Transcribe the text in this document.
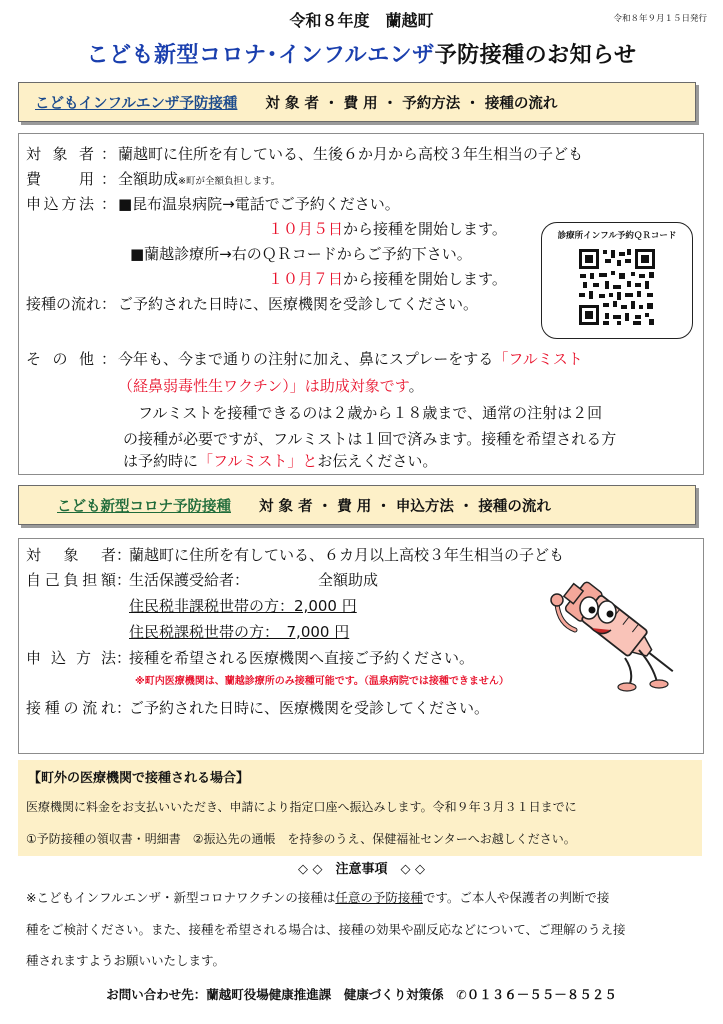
令和８年９月１５日発行
令和８年度　蘭越町
こども新型コロナ･インフルエンザ予防接種のお知らせ
こどもインフルエンザ予防接種 対 象 者 ・ 費 用 ・ 予約方法 ・ 接種の流れ
対 象 者 ： 蘭越町に住所を有している、生後６か月から高校３年生相当の子ども
費 用 ： 全額助成※町が全額負担します。
申込方法 ： ■昆布温泉病院→電話でご予約ください。
１０月５日から接種を開始します。
■蘭越診療所→右のＱＲコードからご予約下さい。
１０月７日から接種を開始します。
接種の流れ ： ご予約された日時に、医療機関を受診してください。
診療所インフル予約ＱＲコード
そ の 他 ： 今年も、今まで通りの注射に加え、鼻にスプレーをする「フルミスト
（経鼻弱毒性生ワクチン）」は助成対象です。
フルミストを接種できるのは２歳から１８歳まで、通常の注射は２回
の接種が必要ですが、フルミストは１回で済みます。接種を希望される方
は予約時に「フルミスト」とお伝えください。
こども新型コロナ予防接種 対 象 者 ・ 費 用 ・ 申込方法 ・ 接種の流れ
対 象 者 ：
蘭越町に住所を有している、６カ月以上高校３年生相当の子ども
自己負担額 ：
生活保護受給者：	全額助成
住民税非課税世帯の方：2,000 円
住民税課税世帯の方：　7,000 円
申込方法 ：
接種を希望される医療機関へ直接ご予約ください。
※町内医療機関は、蘭越診療所のみ接種可能です。（温泉病院では接種できません）
接種の流れ ：
ご予約された日時に、医療機関を受診してください。
【町外の医療機関で接種される場合】
医療機関に料金をお支払いいただき、申請により指定口座へ振込みします。令和９年３月３１日までに
①予防接種の領収書・明細書　②振込先の通帳　を持参のうえ、保健福祉センターへお越しください。
◇ ◇　注意事項　◇ ◇
※こどもインフルエンザ・新型コロナワクチンの接種は任意の予防接種です。ご本人や保護者の判断で接
種をご検討ください。また、接種を希望される場合は、接種の効果や副反応などについて、ご理解のうえ接
種されますようお願いいたします。
お問い合わせ先：蘭越町役場健康推進課　健康づくり対策係　✆０１３６－５５－８５２５
